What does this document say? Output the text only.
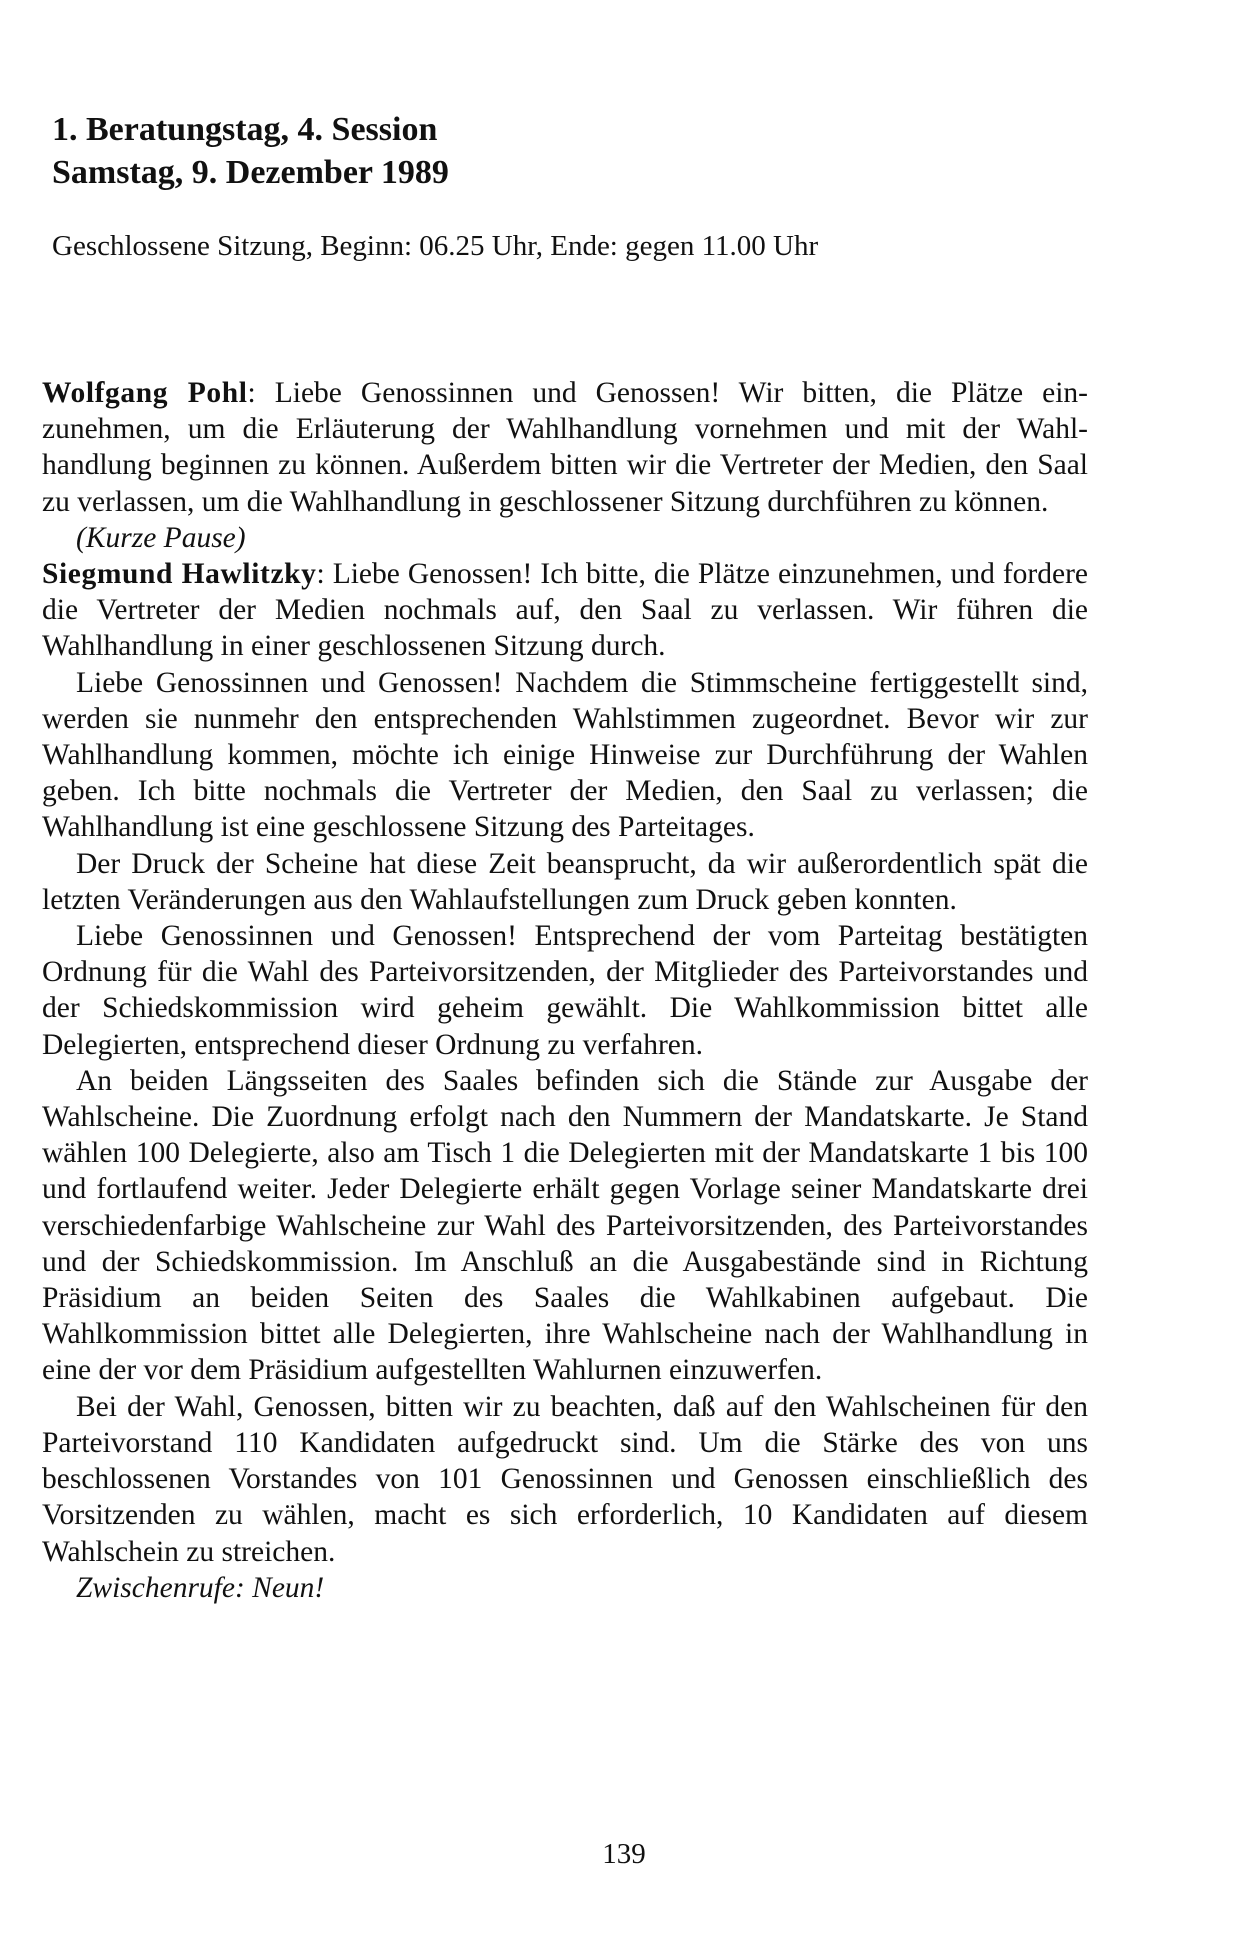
1. Beratungstag, 4. Session
Samstag, 9. Dezember 1989
Geschlossene Sitzung, Beginn: 06.25 Uhr, Ende: gegen 11.00 Uhr

Wolfgang Pohl: Liebe Genossinnen und Genossen! Wir bitten, die Plätze einzunehmen, um die Erläuterung der Wahlhandlung vornehmen und mit der Wahlhandlung beginnen zu können. Außerdem bitten wir die Vertreter der Medien, den Saal zu verlassen, um die Wahlhandlung in geschlossener Sitzung durchführen zu können.

(Kurze Pause)

Siegmund Hawlitzky: Liebe Genossen! Ich bitte, die Plätze einzunehmen, und fordere die Vertreter der Medien nochmals auf, den Saal zu verlassen. Wir führen die Wahlhandlung in einer geschlossenen Sitzung durch.

Liebe Genossinnen und Genossen! Nachdem die Stimmscheine fertiggestellt sind, werden sie nunmehr den entsprechenden Wahlstimmen zugeordnet. Bevor wir zur Wahlhandlung kommen, möchte ich einige Hinweise zur Durchführung der Wahlen geben. Ich bitte nochmals die Vertreter der Medien, den Saal zu verlassen; die Wahlhandlung ist eine geschlossene Sitzung des Parteitages.

Der Druck der Scheine hat diese Zeit beansprucht, da wir außerordentlich spät die letzten Veränderungen aus den Wahlaufstellungen zum Druck geben konnten.

Liebe Genossinnen und Genossen! Entsprechend der vom Parteitag bestätigten Ordnung für die Wahl des Parteivorsitzenden, der Mitglieder des Parteivorstandes und der Schiedskommission wird geheim gewählt. Die Wahlkommission bittet alle Delegierten, entsprechend dieser Ordnung zu verfahren.

An beiden Längsseiten des Saales befinden sich die Stände zur Ausgabe der Wahlscheine. Die Zuordnung erfolgt nach den Nummern der Mandatskarte. Je Stand wählen 100 Delegierte, also am Tisch 1 die Delegierten mit der Mandatskarte 1 bis 100 und fortlaufend weiter. Jeder Delegierte erhält gegen Vorlage seiner Mandatskarte drei verschiedenfarbige Wahlscheine zur Wahl des Parteivorsitzenden, des Parteivorstandes und der Schiedskommission. Im Anschluß an die Ausgabestände sind in Richtung Präsidium an beiden Seiten des Saales die Wahlkabinen aufgebaut. Die Wahlkommission bittet alle Delegierten, ihre Wahlscheine nach der Wahlhandlung in eine der vor dem Präsidium aufgestellten Wahlurnen einzuwerfen.

Bei der Wahl, Genossen, bitten wir zu beachten, daß auf den Wahlscheinen für den Parteivorstand 110 Kandidaten aufgedruckt sind. Um die Stärke des von uns beschlossenen Vorstandes von 101 Genossinnen und Genossen einschließlich des Vorsitzenden zu wählen, macht es sich erforderlich, 10 Kandidaten auf diesem Wahlschein zu streichen.

Zwischenrufe: Neun!

139
